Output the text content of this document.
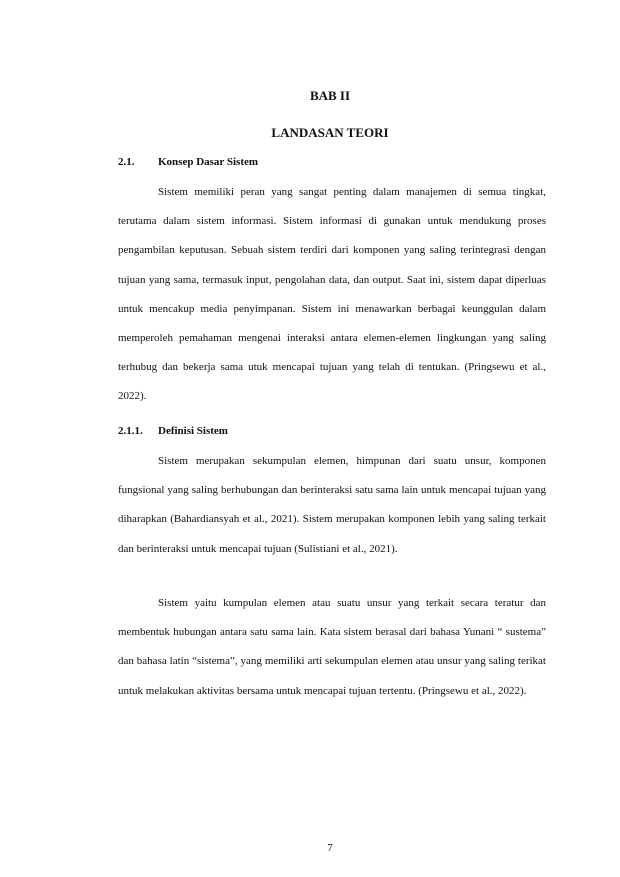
BAB II
LANDASAN TEORI
2.1. Konsep Dasar Sistem

Sistem memiliki peran yang sangat penting dalam manajemen di semua tingkat, terutama dalam sistem informasi. Sistem informasi di gunakan untuk mendukung proses pengambilan keputusan. Sebuah sistem terdiri dari komponen yang saling terintegrasi dengan tujuan yang sama, termasuk input, pengolahan data, dan output. Saat ini, sistem dapat diperluas untuk mencakup media penyimpanan. Sistem ini menawarkan berbagai keunggulan dalam memperoleh pemahaman mengenai interaksi antara elemen-elemen lingkungan yang saling terhubug dan bekerja sama utuk mencapai tujuan yang telah di tentukan. (Pringsewu et al., 2022).

2.1.1. Definisi Sistem

Sistem merupakan sekumpulan elemen, himpunan dari suatu unsur, komponen fungsional yang saling berhubungan dan berinteraksi satu sama lain untuk mencapai tujuan yang diharapkan (Bahardiansyah et al., 2021). Sistem merupakan komponen lebih yang saling terkait dan berinteraksi untuk mencapai tujuan (Sulistiani et al., 2021).

Sistem yaitu kumpulan elemen atau suatu unsur yang terkait secara teratur dan membentuk hubungan antara satu sama lain. Kata sistem berasal dari bahasa Yunani “ sustema” dan bahasa latin “sistema”, yang memiliki arti sekumpulan elemen atau unsur yang saling terikat untuk melakukan aktivitas bersama untuk mencapai tujuan tertentu. (Pringsewu et al., 2022).

7
